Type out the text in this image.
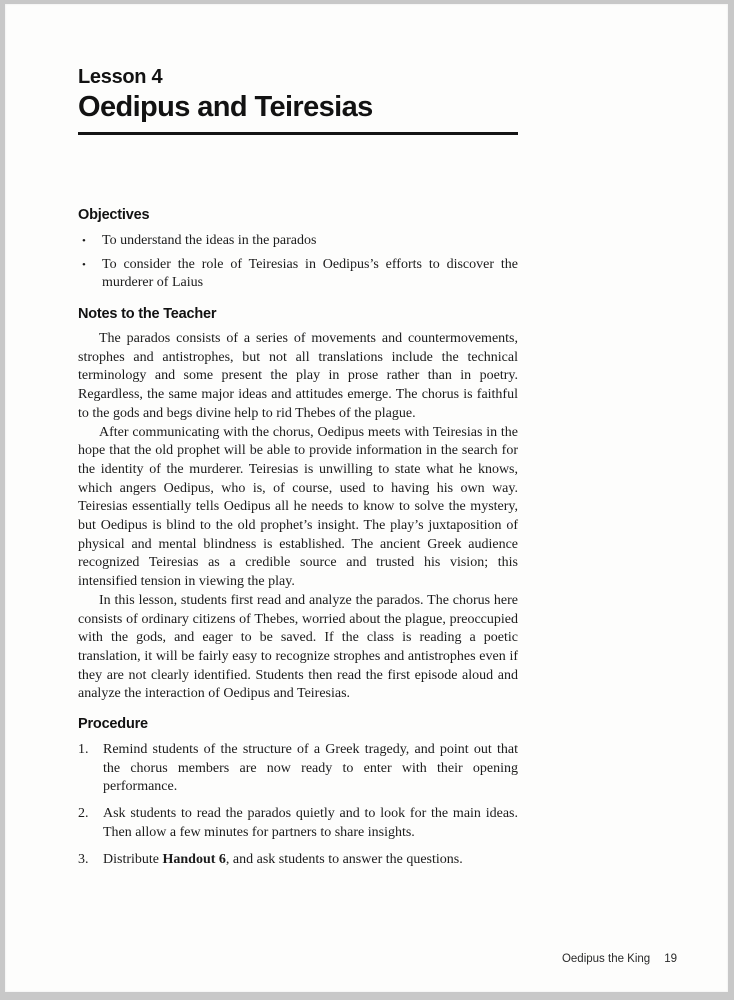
Lesson 4
Oedipus and Teiresias
Objectives
•	To understand the ideas in the parados
•	To consider the role of Teiresias in Oedipus’s efforts to discover the murderer of Laius
Notes to the Teacher

The parados consists of a series of movements and countermovements, strophes and antistrophes, but not all translations include the technical terminology and some present the play in prose rather than in poetry. Regardless, the same major ideas and attitudes emerge. The chorus is faithful to the gods and begs divine help to rid Thebes of the plague.

After communicating with the chorus, Oedipus meets with Teiresias in the hope that the old prophet will be able to provide information in the search for the identity of the murderer. Teiresias is unwilling to state what he knows, which angers Oedipus, who is, of course, used to having his own way. Teiresias essentially tells Oedipus all he needs to know to solve the mystery, but Oedipus is blind to the old prophet’s insight. The play’s juxtaposition of physical and mental blindness is established. The ancient Greek audience recognized Teiresias as a credible source and trusted his vision; this intensified tension in viewing the play.

In this lesson, students first read and analyze the parados. The chorus here consists of ordinary citizens of Thebes, worried about the plague, preoccupied with the gods, and eager to be saved. If the class is reading a poetic translation, it will be fairly easy to recognize strophes and antistrophes even if they are not clearly identified. Students then read the first episode aloud and analyze the interaction of Oedipus and Teiresias.

Procedure
1.	Remind students of the structure of a Greek tragedy, and point out that the chorus members are now ready to enter with their opening performance.
2.	Ask students to read the parados quietly and to look for the main ideas. Then allow a few minutes for partners to share insights.
3.	Distribute Handout 6, and ask students to answer the questions.
Oedipus the King 19
